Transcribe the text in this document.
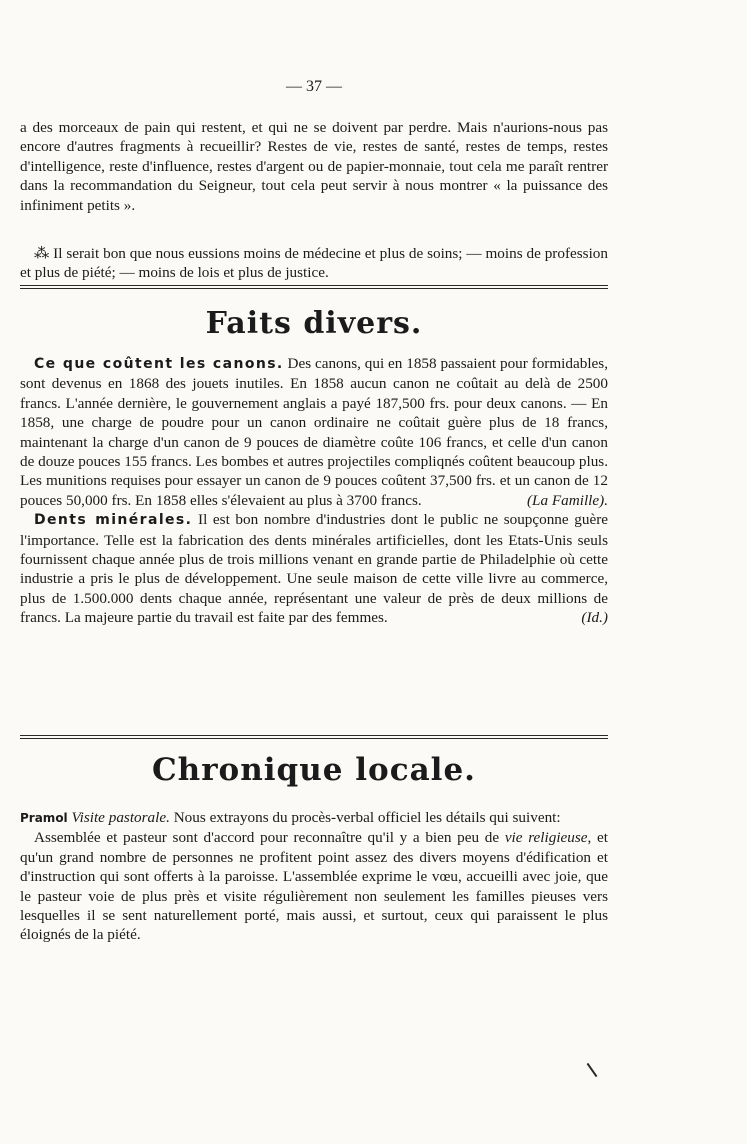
— 37 —

a des morceaux de pain qui restent, et qui ne se doivent par perdre. Mais n'aurions-nous pas encore d'autres fragments à recueillir? Restes de vie, restes de santé, restes de temps, restes d'intelligence, reste d'influence, restes d'argent ou de papier-monnaie, tout cela me paraît rentrer dans la recommandation du Seigneur, tout cela peut servir à nous montrer « la puissance des infiniment petits ».

⁂ Il serait bon que nous eussions moins de médecine et plus de soins; — moins de profession et plus de piété; — moins de lois et plus de justice.

Faits divers.

Ce que coûtent les canons. Des canons, qui en 1858 passaient pour formidables, sont devenus en 1868 des jouets inutiles. En 1858 aucun canon ne coûtait au delà de 2500 francs. L'année dernière, le gouvernement anglais a payé 187,500 frs. pour deux canons. — En 1858, une charge de poudre pour un canon ordinaire ne coûtait guère plus de 18 francs, maintenant la charge d'un canon de 9 pouces de diamètre coûte 106 francs, et celle d'un canon de douze pouces 155 francs. Les bombes et autres projectiles compliqnés coûtent beaucoup plus. Les munitions requises pour essayer un canon de 9 pouces coûtent 37,500 frs. et un canon de 12 pouces 50,000 frs. En 1858 elles s'élevaient au plus à 3700 francs.	(La Famille).

Dents minérales. Il est bon nombre d'industries dont le public ne soupçonne guère l'importance. Telle est la fabrication des dents minérales artificielles, dont les Etats-Unis seuls fournissent chaque année plus de trois millions venant en grande partie de Philadelphie où cette industrie a pris le plus de développement. Une seule maison de cette ville livre au commerce, plus de 1.500.000 dents chaque année, représentant une valeur de près de deux millions de francs. La majeure partie du travail est faite par des femmes.	(Id.)

Chronique locale.

Pramol Visite pastorale. Nous extrayons du procès-verbal officiel les détails qui suivent:

Assemblée et pasteur sont d'accord pour reconnaître qu'il y a bien peu de vie religieuse, et qu'un grand nombre de personnes ne profitent point assez des divers moyens d'édification et d'instruction qui sont offerts à la paroisse. L'assemblée exprime le vœu, accueilli avec joie, que le pasteur voie de plus près et visite régulièrement non seulement les familles pieuses vers lesquelles il se sent naturellement porté, mais aussi, et surtout, ceux qui paraissent le plus éloignés de la piété.
